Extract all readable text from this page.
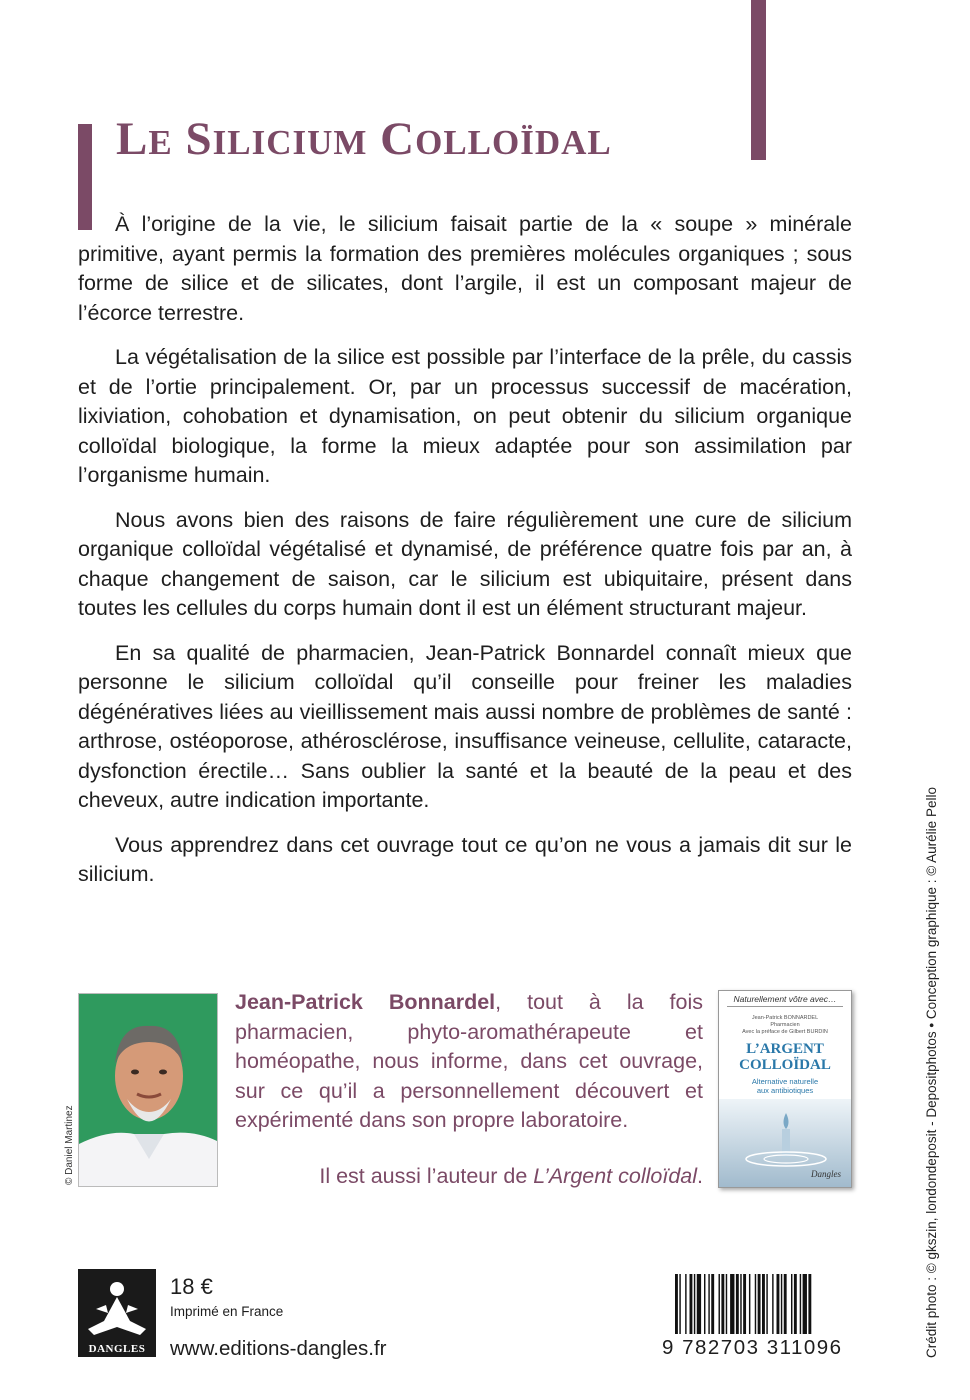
LE SILICIUM COLLOÏDAL

À l’origine de la vie, le silicium faisait partie de la « soupe » minérale primitive, ayant permis la formation des premières molécules organiques ; sous forme de silice et de silicates, dont l’argile, il est un composant majeur de l’écorce terrestre.

La végétalisation de la silice est possible par l’interface de la prêle, du cassis et de l’ortie principalement. Or, par un processus successif de macération, lixiviation, cohobation et dynamisation, on peut obtenir du silicium organique colloïdal biologique, la forme la mieux adaptée pour son assimilation par l’organisme humain.

Nous avons bien des raisons de faire régulièrement une cure de silicium organique colloïdal végétalisé et dynamisé, de préférence quatre fois par an, à chaque changement de saison, car le silicium est ubiquitaire, présent dans toutes les cellules du corps humain dont il est un élément structurant majeur.

En sa qualité de pharmacien, Jean-Patrick Bonnardel connaît mieux que personne le silicium colloïdal qu’il conseille pour freiner les maladies dégénératives liées au vieillissement mais aussi nombre de problèmes de santé : arthrose, ostéoporose, athérosclérose, insuffisance veineuse, cellulite, cataracte, dysfonction érectile… Sans oublier la santé et la beauté de la peau et des cheveux, autre indication importante.

Vous apprendrez dans cet ouvrage tout ce qu’on ne vous a jamais dit sur le silicium.

© Daniel Martinez
Jean-Patrick Bonnardel, tout à la fois pharmacien, phyto-aromathérapeute et homéopathe, nous informe, dans cet ouvrage, sur ce qu’il a personnellement découvert et expérimenté dans son propre laboratoire.
Il est aussi l’auteur de L’Argent colloïdal.
Naturellement vôtre avec…
Jean-Patrick BONNARDEL
Pharmacien
Avec la préface de Gilbert BURDIN
L’ARGENT
COLLOÏDAL
Alternative naturelle
aux antibiotiques
Dangles
DANGLES
18 €
Imprimé en France
www.editions-dangles.fr	9 782703 311096	Crédit photo : © gkszin, londondeposit - Depositphotos • Conception graphique : © Aurélie Pello
